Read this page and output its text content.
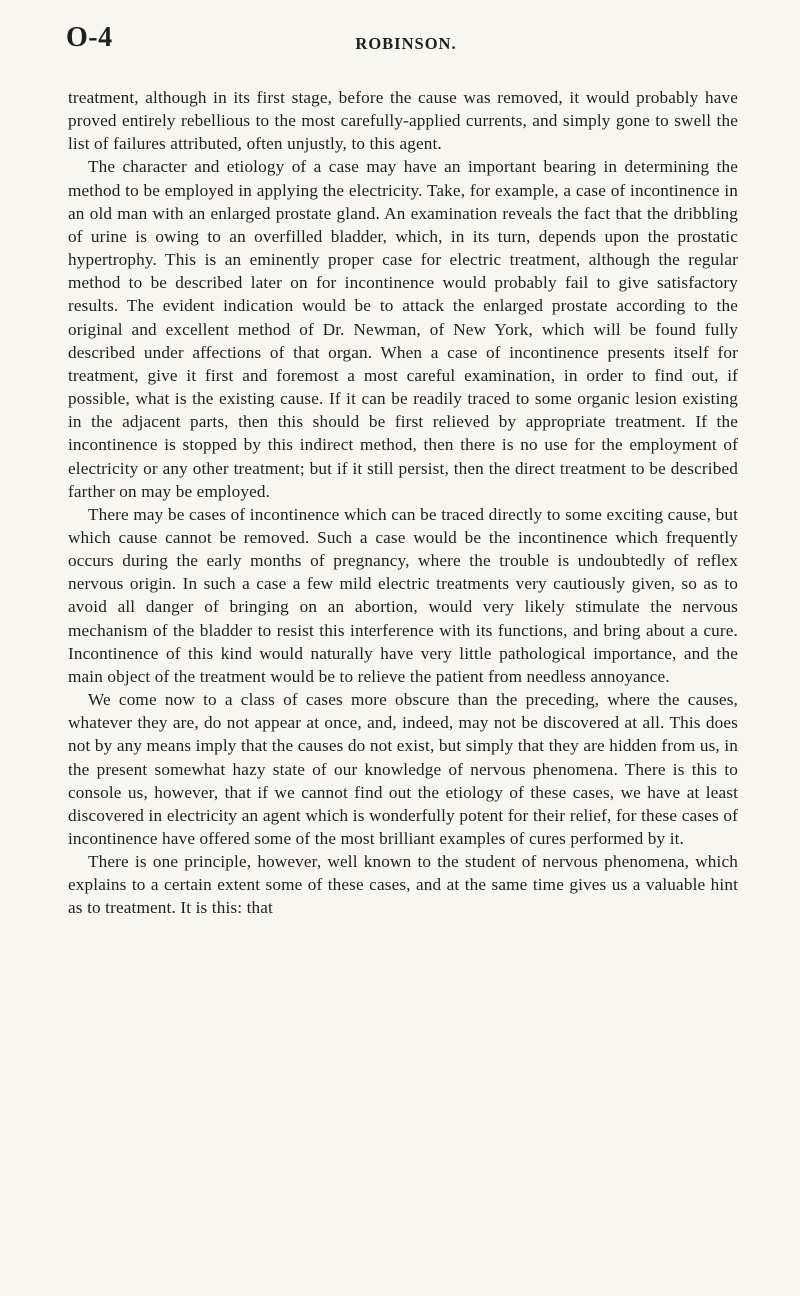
O-4	ROBINSON.

treatment, although in its first stage, before the cause was removed, it would probably have proved entirely rebellious to the most carefully-applied currents, and simply gone to swell the list of failures attributed, often unjustly, to this agent.

The character and etiology of a case may have an important bearing in determining the method to be employed in applying the electricity. Take, for example, a case of incontinence in an old man with an enlarged prostate gland. An examination reveals the fact that the dribbling of urine is owing to an overfilled bladder, which, in its turn, depends upon the prostatic hypertrophy. This is an eminently proper case for electric treatment, although the regular method to be described later on for incontinence would probably fail to give satisfactory results. The evident indication would be to attack the enlarged prostate according to the original and excellent method of Dr. Newman, of New York, which will be found fully described under affections of that organ. When a case of incontinence presents itself for treatment, give it first and foremost a most careful examination, in order to find out, if possible, what is the existing cause. If it can be readily traced to some organic lesion existing in the adjacent parts, then this should be first relieved by appropriate treatment. If the incontinence is stopped by this indirect method, then there is no use for the employment of electricity or any other treatment; but if it still persist, then the direct treatment to be described farther on may be employed.

There may be cases of incontinence which can be traced directly to some exciting cause, but which cause cannot be removed. Such a case would be the incontinence which frequently occurs during the early months of pregnancy, where the trouble is undoubtedly of reflex nervous origin. In such a case a few mild electric treatments very cautiously given, so as to avoid all danger of bringing on an abortion, would very likely stimulate the nervous mechanism of the bladder to resist this interference with its functions, and bring about a cure. Incontinence of this kind would naturally have very little pathological importance, and the main object of the treatment would be to relieve the patient from needless annoyance.

We come now to a class of cases more obscure than the preceding, where the causes, whatever they are, do not appear at once, and, indeed, may not be discovered at all. This does not by any means imply that the causes do not exist, but simply that they are hidden from us, in the present somewhat hazy state of our knowledge of nervous phenomena. There is this to console us, however, that if we cannot find out the etiology of these cases, we have at least discovered in electricity an agent which is wonderfully potent for their relief, for these cases of incontinence have offered some of the most brilliant examples of cures performed by it.

There is one principle, however, well known to the student of nervous phenomena, which explains to a certain extent some of these cases, and at the same time gives us a valuable hint as to treatment. It is this: that
